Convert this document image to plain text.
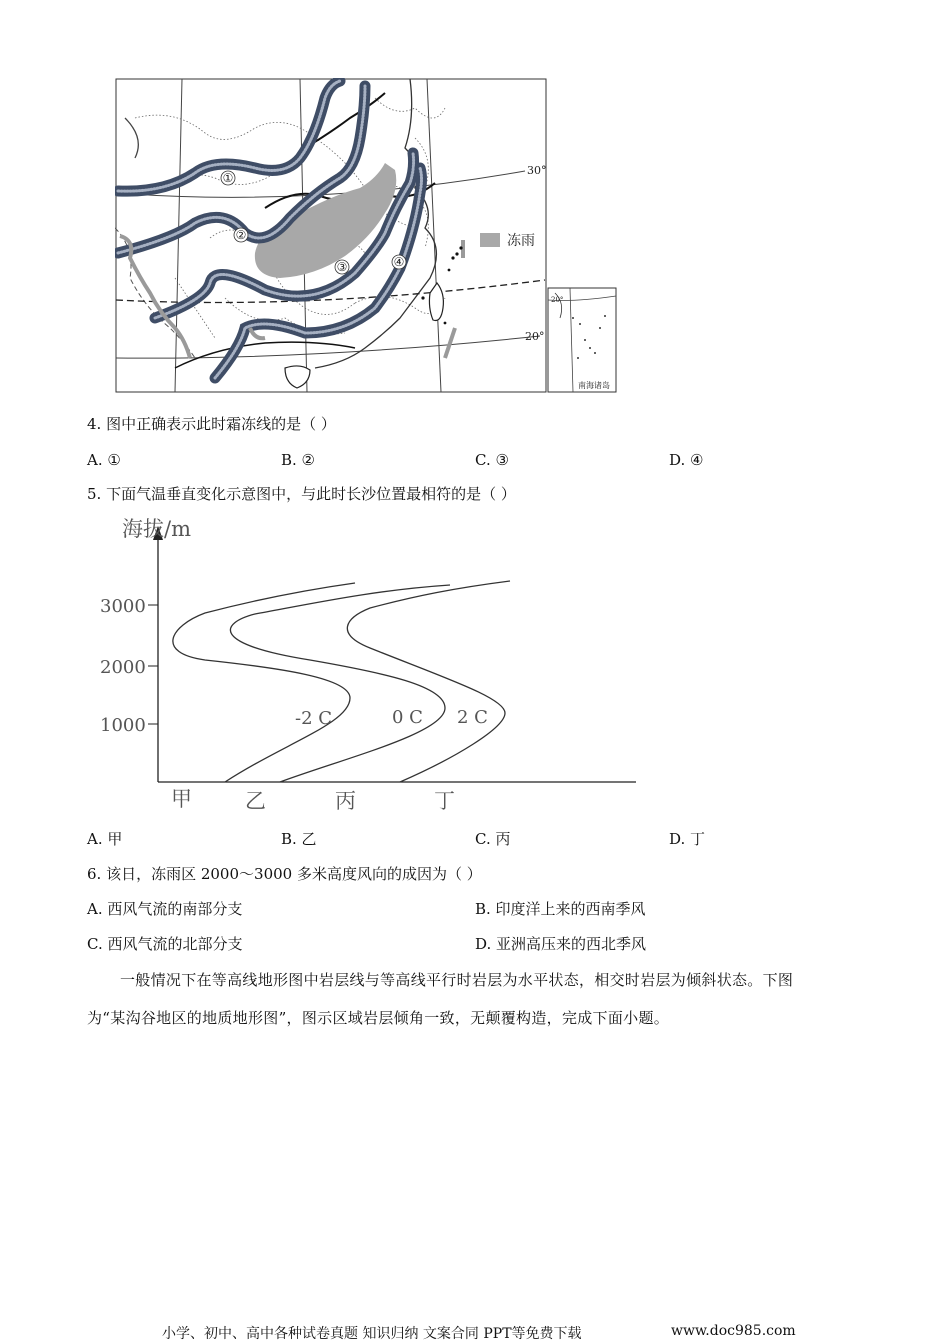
①
②
③	④
30°
20°
冻雨
20°
南海诸岛
4. 图中正确表示此时霜冻线的是（ ）
A. ①	B. ②	C. ③	D. ④
5. 下面气温垂直变化示意图中，与此时长沙位置最相符的是（ ）
海拔/m
3000
2000
1000	-2 C	0 C 2 C
甲	乙	丙	丁
A. 甲	B. 乙	C. 丙	D. 丁
6. 该日，冻雨区 2000～3000 多米高度风向的成因为（ ）
A. 西风气流的南部分支	B. 印度洋上来的西南季风
C. 西风气流的北部分支	D. 亚洲高压来的西北季风
一般情况下在等高线地形图中岩层线与等高线平行时岩层为水平状态，相交时岩层为倾斜状态。下图
为“某沟谷地区的地质地形图”，图示区域岩层倾角一致，无颠覆构造，完成下面小题。
小学、初中、高中各种试卷真题 知识归纳 文案合同 PPT等免费下载	www.doc985.com
